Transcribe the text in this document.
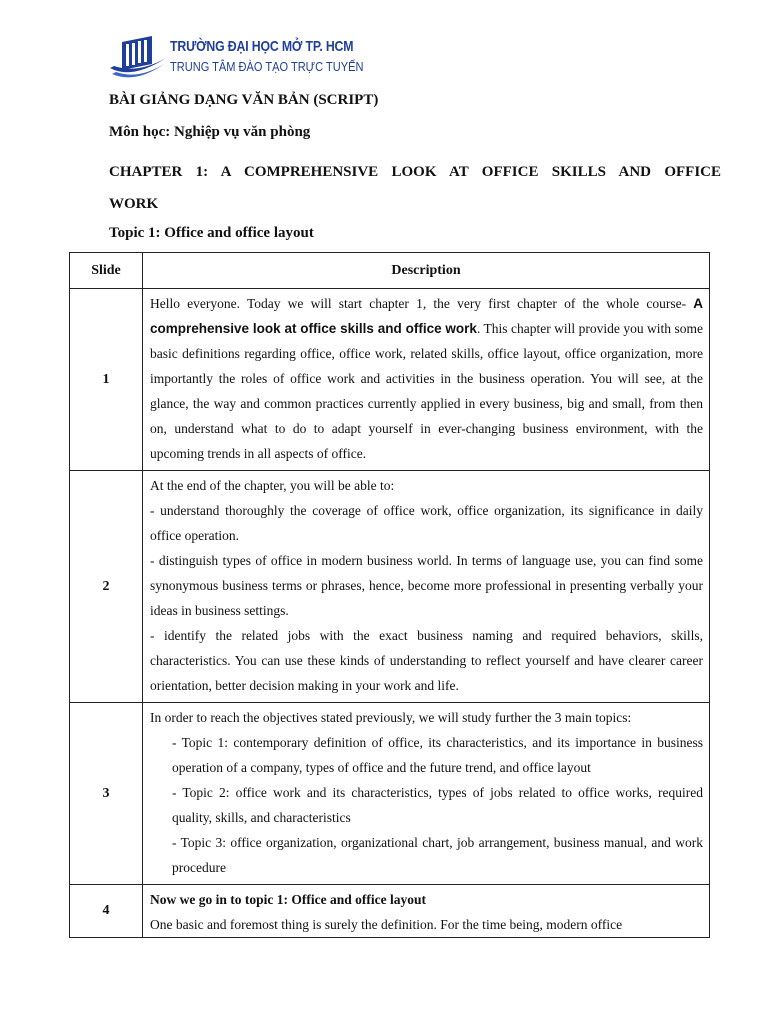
TRƯỜNG ĐẠI HỌC MỞ TP. HCM
TRUNG TÂM ĐÀO TẠO TRỰC TUYẾN

BÀI GIẢNG DẠNG VĂN BẢN (SCRIPT)

Môn học: Nghiệp vụ văn phòng

CHAPTER 1: A COMPREHENSIVE LOOK AT OFFICE SKILLS AND OFFICE

WORK

Topic 1: Office and office layout

Slide	Description
1	Hello everyone. Today we will start chapter 1, the very first chapter of the whole course- A comprehensive look at office skills and office work. This chapter will provide you with some basic definitions regarding office, office work, related skills, office layout, office organization, more importantly the roles of office work and activities in the business operation. You will see, at the glance, the way and common practices currently applied in every business, big and small, from then on, understand what to do to adapt yourself in ever-changing business environment, with the upcoming trends in all aspects of office.
2	At the end of the chapter, you will be able to:

- understand thoroughly the coverage of office work, office organization, its significance in daily office operation.

- distinguish types of office in modern business world. In terms of language use, you can find some synonymous business terms or phrases, hence, become more professional in presenting verbally your ideas in business settings.

- identify the related jobs with the exact business naming and required behaviors, skills, characteristics. You can use these kinds of understanding to reflect yourself and have clearer career orientation, better decision making in your work and life.

3	In order to reach the objectives stated previously, we will study further the 3 main topics:

- Topic 1: contemporary definition of office, its characteristics, and its importance in business operation of a company, types of office and the future trend, and office layout

- Topic 2: office work and its characteristics, types of jobs related to office works, required quality, skills, and characteristics

- Topic 3: office organization, organizational chart, job arrangement, business manual, and work procedure

4	Now we go in to topic 1: Office and office layout

One basic and foremost thing is surely the definition. For the time being, modern office
